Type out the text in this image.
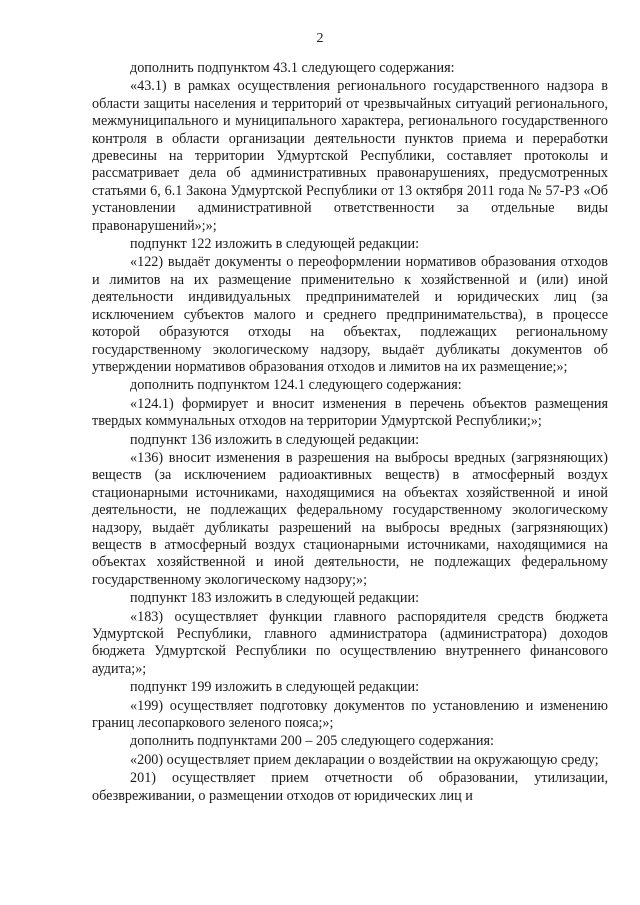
2

дополнить подпунктом 43.1 следующего содержания:

«43.1) в рамках осуществления регионального государственного надзора в области защиты населения и территорий от чрезвычайных ситуаций регионального, межмуниципального и муниципального характера, регионального государственного контроля в области организации деятельности пунктов приема и переработки древесины на территории Удмуртской Республики, составляет протоколы и рассматривает дела об административных правонарушениях, предусмотренных статьями 6, 6.1 Закона Удмуртской Республики от 13 октября 2011 года № 57-РЗ «Об установлении административной ответственности за отдельные виды правонарушений»;»;

подпункт 122 изложить в следующей редакции:

«122) выдаёт документы о переоформлении нормативов образования отходов и лимитов на их размещение применительно к хозяйственной и (или) иной деятельности индивидуальных предпринимателей и юридических лиц (за исключением субъектов малого и среднего предпринимательства), в процессе которой образуются отходы на объектах, подлежащих региональному государственному экологическому надзору, выдаёт дубликаты документов об утверждении нормативов образования отходов и лимитов на их размещение;»;

дополнить подпунктом 124.1 следующего содержания:

«124.1) формирует и вносит изменения в перечень объектов размещения твердых коммунальных отходов на территории Удмуртской Республики;»;

подпункт 136 изложить в следующей редакции:

«136) вносит изменения в разрешения на выбросы вредных (загрязняющих) веществ (за исключением радиоактивных веществ) в атмосферный воздух стационарными источниками, находящимися на объектах хозяйственной и иной деятельности, не подлежащих федеральному государственному экологическому надзору, выдаёт дубликаты разрешений на выбросы вредных (загрязняющих) веществ в атмосферный воздух стационарными источниками, находящимися на объектах хозяйственной и иной деятельности, не подлежащих федеральному государственному экологическому надзору;»;

подпункт 183 изложить в следующей редакции:

«183) осуществляет функции главного распорядителя средств бюджета Удмуртской Республики, главного администратора (администратора) доходов бюджета Удмуртской Республики по осуществлению внутреннего финансового аудита;»;

подпункт 199 изложить в следующей редакции:

«199) осуществляет подготовку документов по установлению и изменению границ лесопаркового зеленого пояса;»;

дополнить подпунктами 200 – 205 следующего содержания:

«200) осуществляет прием декларации о воздействии на окружающую среду;

201) осуществляет прием отчетности об образовании, утилизации, обезвреживании, о размещении отходов от юридических лиц и
